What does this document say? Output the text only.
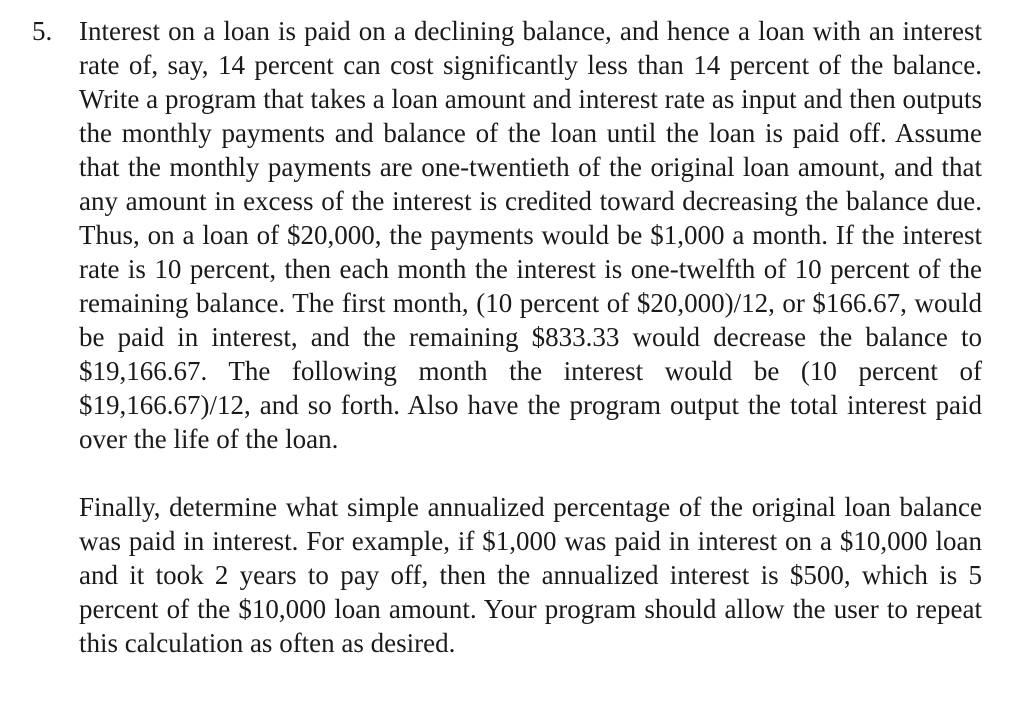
5. Interest on a loan is paid on a declining balance, and hence a loan with an interest rate of, say, 14 percent can cost significantly less than 14 percent of the balance. Write a program that takes a loan amount and interest rate as input and then outputs the monthly payments and balance of the loan until the loan is paid off. Assume that the monthly payments are one-twentieth of the original loan amount, and that any amount in excess of the interest is credited toward decreasing the balance due. Thus, on a loan of $20,000, the payments would be $1,000 a month. If the interest rate is 10 percent, then each month the interest is one-twelfth of 10 percent of the remaining balance. The first month, (10 percent of $20,000)/12, or $166.67, would be paid in interest, and the remaining $833.33 would decrease the balance to $19,166.67. The following month the interest would be (10 percent of $19,166.67)/12, and so forth. Also have the program output the total interest paid over the life of the loan.

Finally, determine what simple annualized percentage of the original loan balance was paid in interest. For example, if $1,000 was paid in interest on a $10,000 loan and it took 2 years to pay off, then the annualized interest is $500, which is 5 percent of the $10,000 loan amount. Your program should allow the user to repeat this calculation as often as desired.
